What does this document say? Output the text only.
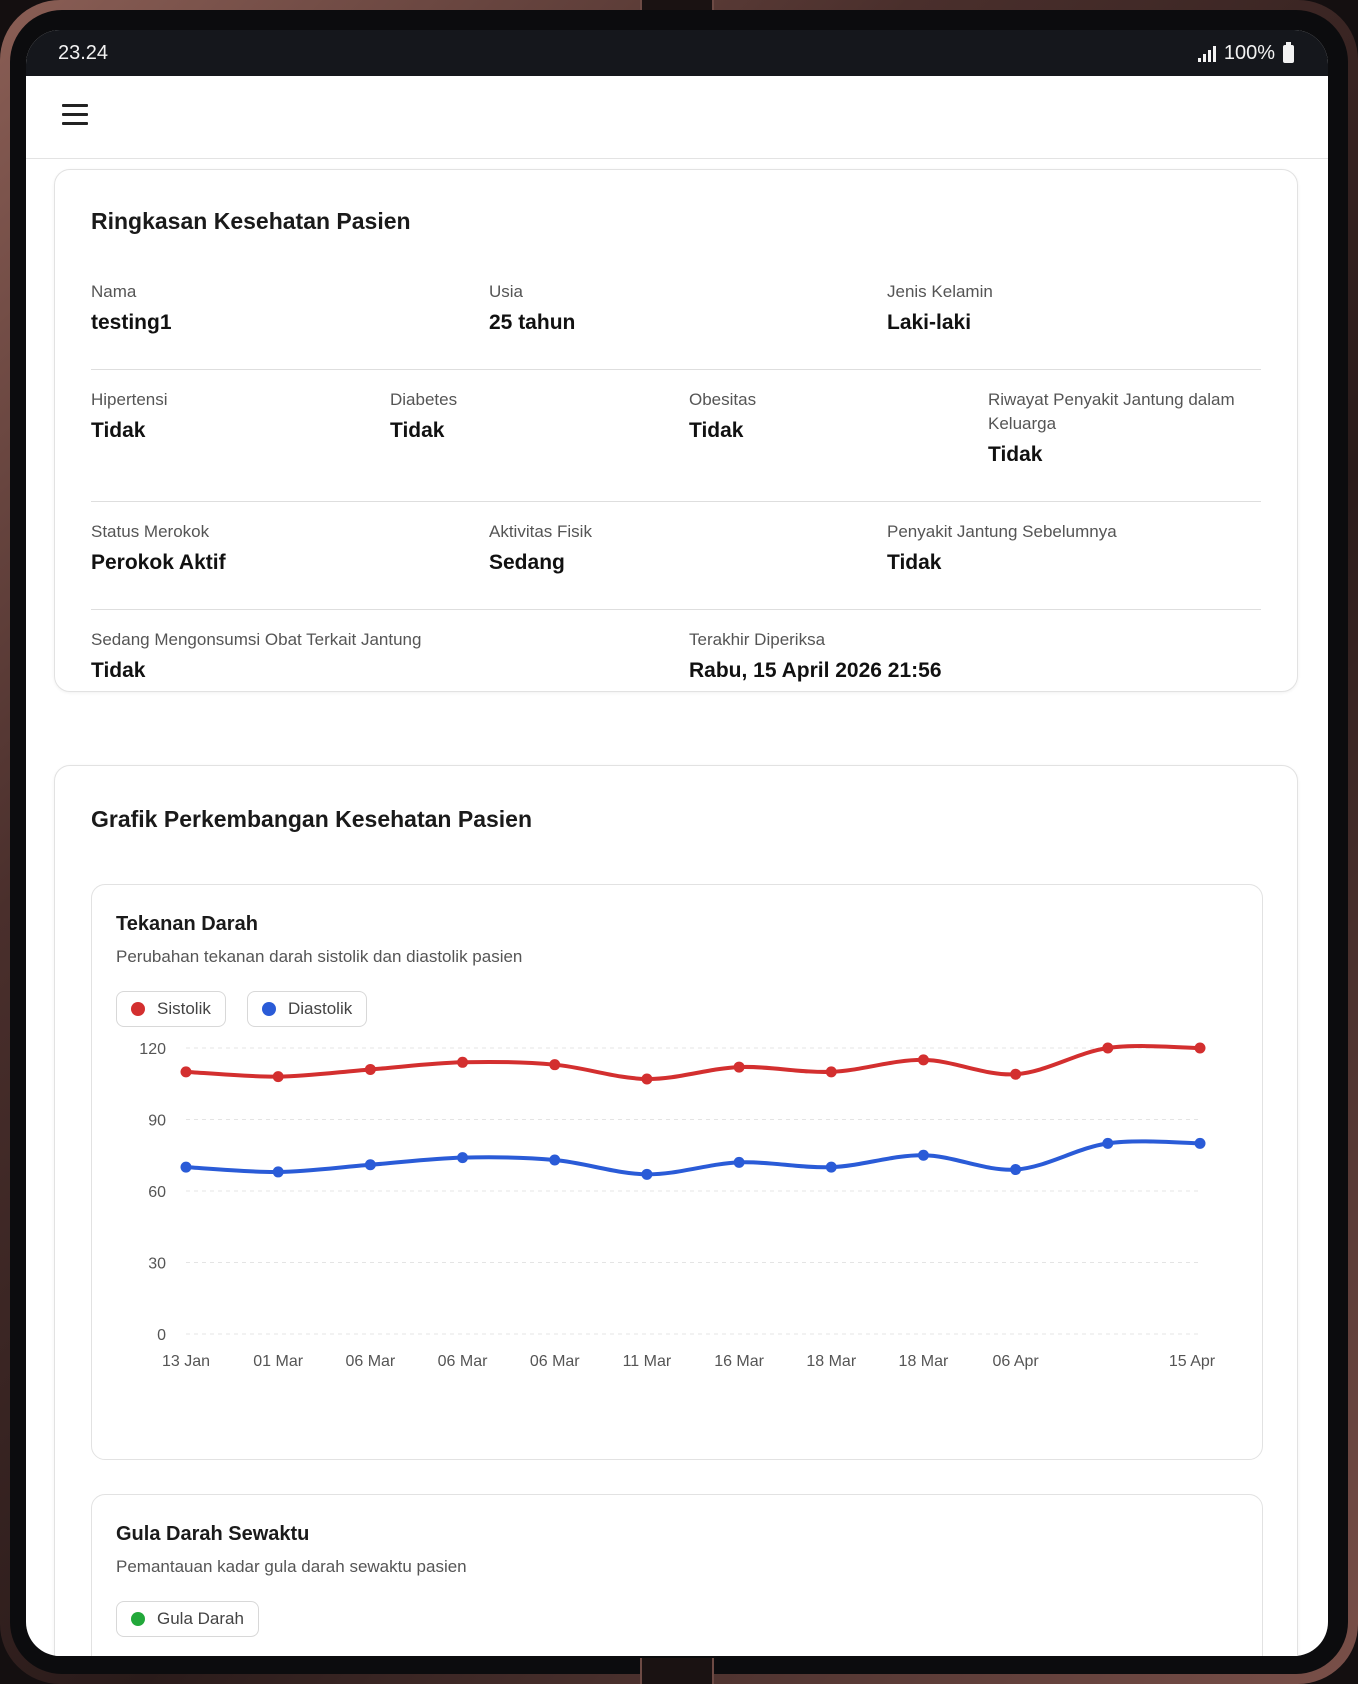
23.24	100%
Ringkasan Kesehatan Pasien
Nama
testing1
Usia
25 tahun
Jenis Kelamin
Laki-laki
Hipertensi
Tidak
Diabetes
Tidak
Obesitas
Tidak
Riwayat Penyakit Jantung dalam
Keluarga
Tidak
Status Merokok
Perokok Aktif
Aktivitas Fisik
Sedang
Penyakit Jantung Sebelumnya
Tidak
Sedang Mengonsumsi Obat Terkait Jantung
Tidak
Terakhir Diperiksa
Rabu, 15 April 2026 21:56
Grafik Perkembangan Kesehatan Pasien
Tekanan Darah
Perubahan tekanan darah sistolik dan diastolik pasien
Sistolik	Diastolik
0
30
60
90
120
13 Jan	01 Mar	06 Mar	06 Mar	06 Mar	11 Mar	16 Mar	18 Mar	18 Mar	06 Apr	15 Apr
Gula Darah Sewaktu
Pemantauan kadar gula darah sewaktu pasien
Gula Darah
